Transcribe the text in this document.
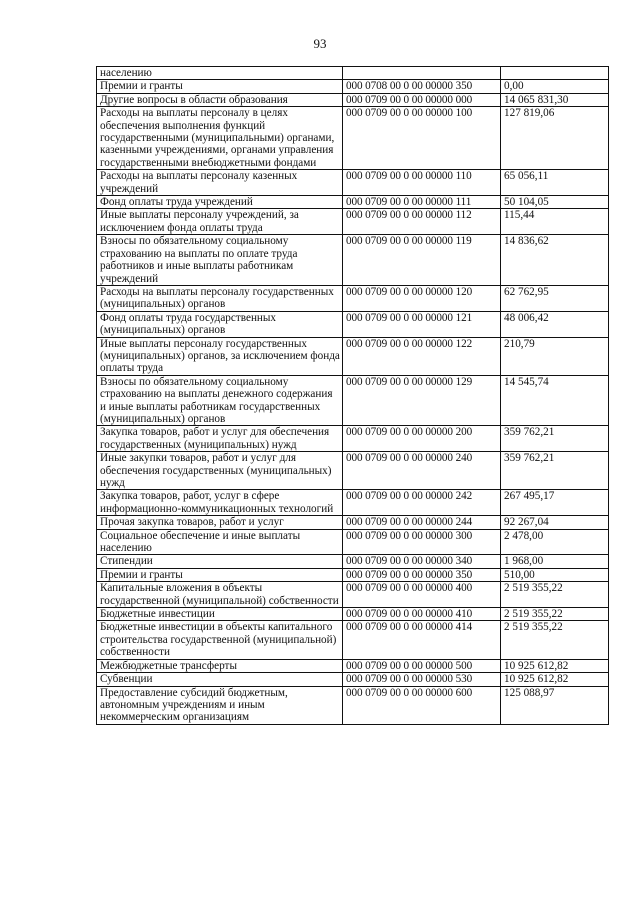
93
населению		
Премии и гранты	000 0708 00 0 00 00000 350	0,00
Другие вопросы в области образования	000 0709 00 0 00 00000 000	14 065 831,30
Расходы на выплаты персоналу в целях обеспечения выполнения функций государственными (муниципальными) органами, казенными учреждениями, органами управления государственными внебюджетными фондами	000 0709 00 0 00 00000 100	127 819,06
Расходы на выплаты персоналу казенных учреждений	000 0709 00 0 00 00000 110	65 056,11
Фонд оплаты труда учреждений	000 0709 00 0 00 00000 111	50 104,05
Иные выплаты персоналу учреждений, за исключением фонда оплаты труда	000 0709 00 0 00 00000 112	115,44
Взносы по обязательному социальному страхованию на выплаты по оплате труда работников и иные выплаты работникам учреждений	000 0709 00 0 00 00000 119	14 836,62
Расходы на выплаты персоналу государственных (муниципальных) органов	000 0709 00 0 00 00000 120	62 762,95
Фонд оплаты труда государственных (муниципальных) органов	000 0709 00 0 00 00000 121	48 006,42
Иные выплаты персоналу государственных (муниципальных) органов, за исключением фонда оплаты труда	000 0709 00 0 00 00000 122	210,79
Взносы по обязательному социальному страхованию на выплаты денежного содержания и иные выплаты работникам государственных (муниципальных) органов	000 0709 00 0 00 00000 129	14 545,74
Закупка товаров, работ и услуг для обеспечения государственных (муниципальных) нужд	000 0709 00 0 00 00000 200	359 762,21
Иные закупки товаров, работ и услуг для обеспечения государственных (муниципальных) нужд	000 0709 00 0 00 00000 240	359 762,21
Закупка товаров, работ, услуг в сфере информационно-коммуникационных технологий	000 0709 00 0 00 00000 242	267 495,17
Прочая закупка товаров, работ и услуг	000 0709 00 0 00 00000 244	92 267,04
Социальное обеспечение и иные выплаты населению	000 0709 00 0 00 00000 300	2 478,00
Стипендии	000 0709 00 0 00 00000 340	1 968,00
Премии и гранты	000 0709 00 0 00 00000 350	510,00
Капитальные вложения в объекты государственной (муниципальной) собственности	000 0709 00 0 00 00000 400	2 519 355,22
Бюджетные инвестиции	000 0709 00 0 00 00000 410	2 519 355,22
Бюджетные инвестиции в объекты капитального строительства государственной (муниципальной) собственности	000 0709 00 0 00 00000 414	2 519 355,22
Межбюджетные трансферты	000 0709 00 0 00 00000 500	10 925 612,82
Субвенции	000 0709 00 0 00 00000 530	10 925 612,82
Предоставление субсидий бюджетным, автономным учреждениям и иным некоммерческим организациям	000 0709 00 0 00 00000 600	125 088,97
